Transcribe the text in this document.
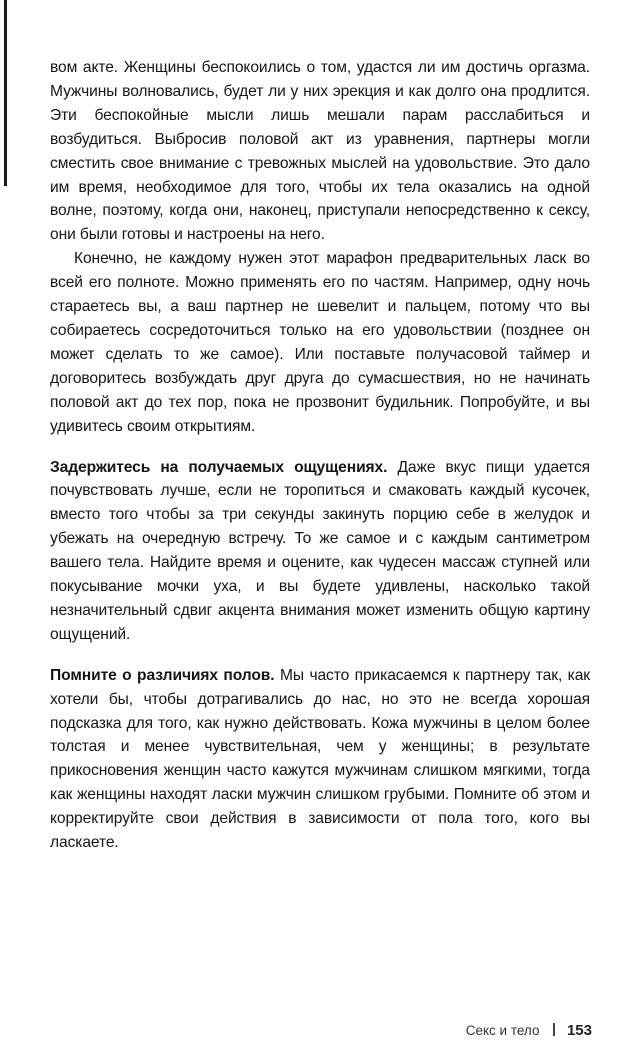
вом акте. Женщины беспокоились о том, удастся ли им достичь оргазма. Мужчины волновались, будет ли у них эрекция и как долго она продлится. Эти беспокойные мысли лишь мешали парам расслабиться и возбудиться. Выбросив половой акт из уравнения, партнеры могли сместить свое внимание с тревожных мыслей на удовольствие. Это дало им время, необходимое для того, чтобы их тела оказались на одной волне, поэтому, когда они, наконец, приступали непосредственно к сексу, они были готовы и настроены на него.

Конечно, не каждому нужен этот марафон предварительных ласк во всей его полноте. Можно применять его по частям. Например, одну ночь стараетесь вы, а ваш партнер не шевелит и пальцем, потому что вы собираетесь сосредоточиться только на его удовольствии (позднее он может сделать то же самое). Или поставьте получасовой таймер и договоритесь возбуждать друг друга до сумасшествия, но не начинать половой акт до тех пор, пока не прозвонит будильник. Попробуйте, и вы удивитесь своим открытиям.

Задержитесь на получаемых ощущениях. Даже вкус пищи удается почувствовать лучше, если не торопиться и смаковать каждый кусочек, вместо того чтобы за три секунды закинуть порцию себе в желудок и убежать на очередную встречу. То же самое и с каждым сантиметром вашего тела. Найдите время и оцените, как чудесен массаж ступней или покусывание мочки уха, и вы будете удивлены, насколько такой незначительный сдвиг акцента внимания может изменить общую картину ощущений.

Помните о различиях полов. Мы часто прикасаемся к партнеру так, как хотели бы, чтобы дотрагивались до нас, но это не всегда хорошая подсказка для того, как нужно действовать. Кожа мужчины в целом более толстая и менее чувствительная, чем у женщины; в результате прикосновения женщин часто кажутся мужчинам слишком мягкими, тогда как женщины находят ласки мужчин слишком грубыми. Помните об этом и корректируйте свои действия в зависимости от пола того, кого вы ласкаете.

Секс и тело 153
